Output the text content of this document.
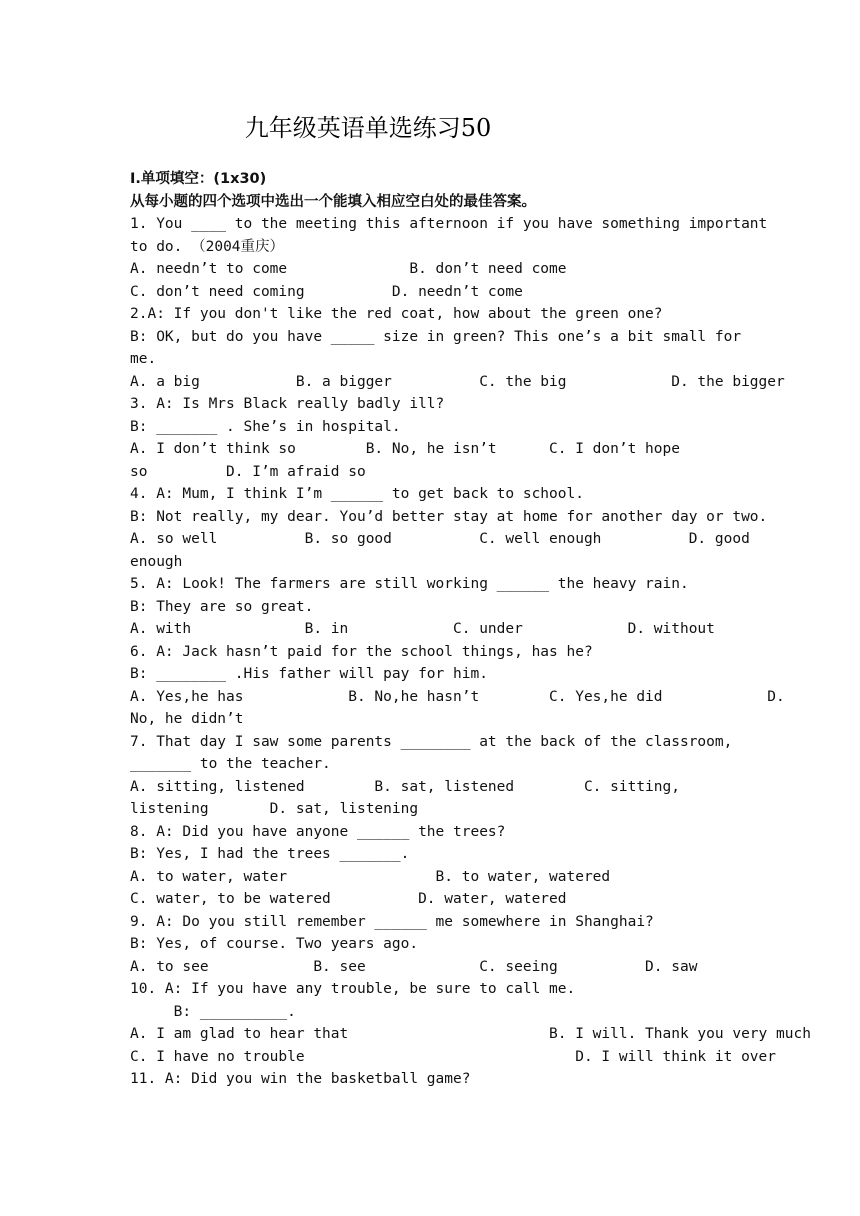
九年级英语单选练习50
I.单项填空：(1x30)
从每小题的四个选项中选出一个能填入相应空白处的最佳答案。
1. You ____ to the meeting this afternoon if you have something important
to do. （2004重庆）
A. needn’t to come              B. don’t need come
C. don’t need coming          D. needn’t come
2.A: If you don't like the red coat, how about the green one?
B: OK, but do you have _____ size in green? This one’s a bit small for
me.
A. a big           B. a bigger          C. the big            D. the bigger
3. A: Is Mrs Black really badly ill?
B: _______ . She’s in hospital.
A. I don’t think so        B. No, he isn’t      C. I don’t hope
so         D. I’m afraid so
4. A: Mum, I think I’m ______ to get back to school.
B: Not really, my dear. You’d better stay at home for another day or two.
A. so well          B. so good          C. well enough          D. good
enough
5. A: Look! The farmers are still working ______ the heavy rain.
B: They are so great.
A. with             B. in            C. under            D. without
6. A: Jack hasn’t paid for the school things, has he?
B: ________ .His father will pay for him.
A. Yes,he has            B. No,he hasn’t        C. Yes,he did            D.
No, he didn’t
7. That day I saw some parents ________ at the back of the classroom,
_______ to the teacher.
A. sitting, listened        B. sat, listened        C. sitting,
listening       D. sat, listening
8. A: Did you have anyone ______ the trees?
B: Yes, I had the trees _______.
A. to water, water                 B. to water, watered
C. water, to be watered          D. water, watered
9. A: Do you still remember ______ me somewhere in Shanghai?
B: Yes, of course. Two years ago.
A. to see            B. see             C. seeing          D. saw
10. A: If you have any trouble, be sure to call me.
B: __________.
A. I am glad to hear that                       B. I will. Thank you very much
C. I have no trouble                               D. I will think it over
11. A: Did you win the basketball game?
